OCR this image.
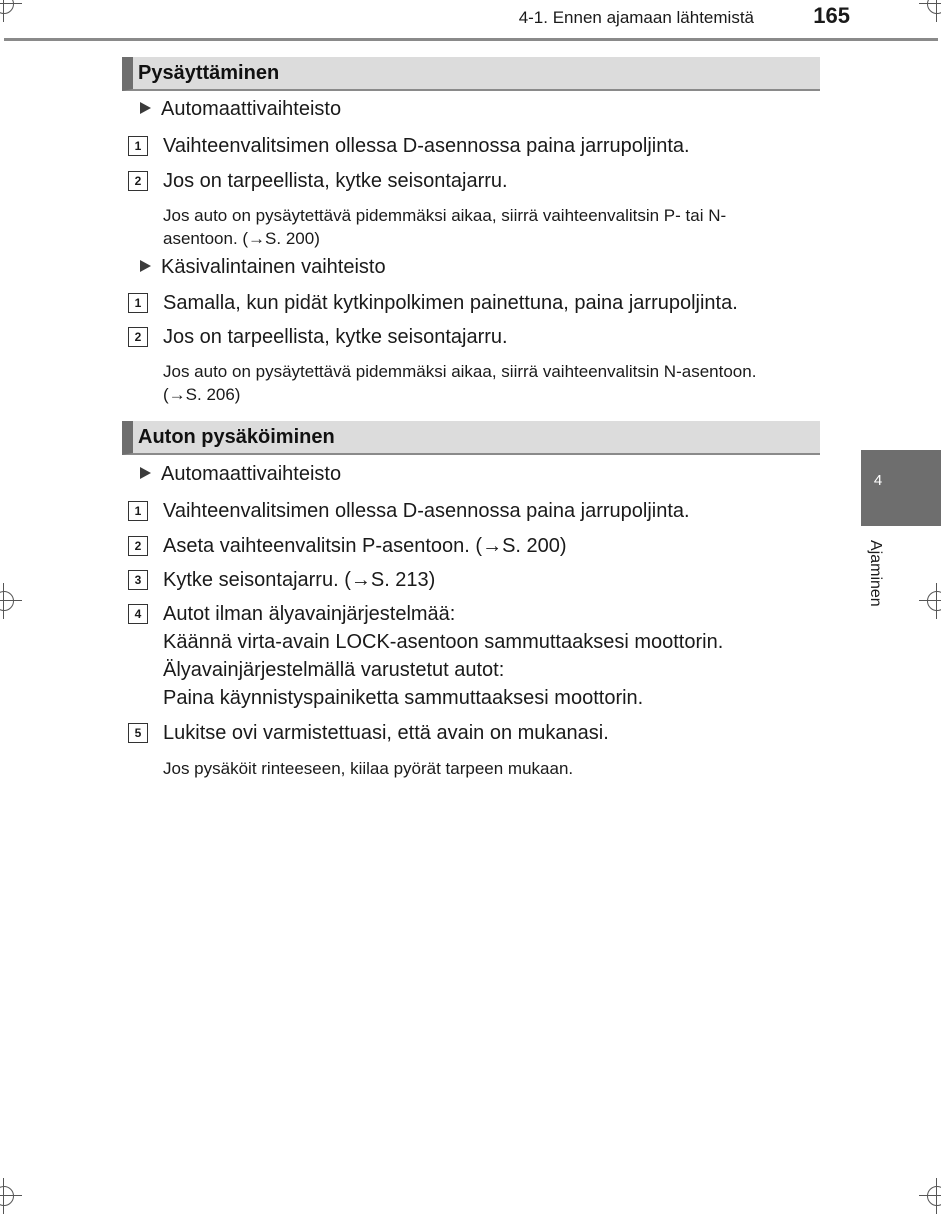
4-1. Ennen ajamaan lähtemistä	165
Pysäyttäminen
Automaattivaihteisto
1	Vaihteenvalitsimen ollessa D-asennossa paina jarrupoljinta.
2	Jos on tarpeellista, kytke seisontajarru.
Jos auto on pysäytettävä pidemmäksi aikaa, siirrä vaihteenvalitsin P- tai N-
asentoon. (→S. 200)
Käsivalintainen vaihteisto
1	Samalla, kun pidät kytkinpolkimen painettuna, paina jarrupoljinta.
2	Jos on tarpeellista, kytke seisontajarru.
Jos auto on pysäytettävä pidemmäksi aikaa, siirrä vaihteenvalitsin N-asentoon.
(→S. 206)
Auton pysäköiminen
Automaattivaihteisto
1	Vaihteenvalitsimen ollessa D-asennossa paina jarrupoljinta.
2	Aseta vaihteenvalitsin P-asentoon. (→S. 200)
3	Kytke seisontajarru. (→S. 213)
4	Autot ilman älyavainjärjestelmää:
Käännä virta-avain LOCK-asentoon sammuttaaksesi moottorin.
Älyavainjärjestelmällä varustetut autot:
Paina käynnistyspainiketta sammuttaaksesi moottorin.
5	Lukitse ovi varmistettuasi, että avain on mukanasi.
Jos pysäköit rinteeseen, kiilaa pyörät tarpeen mukaan.
4
Ajaminen
